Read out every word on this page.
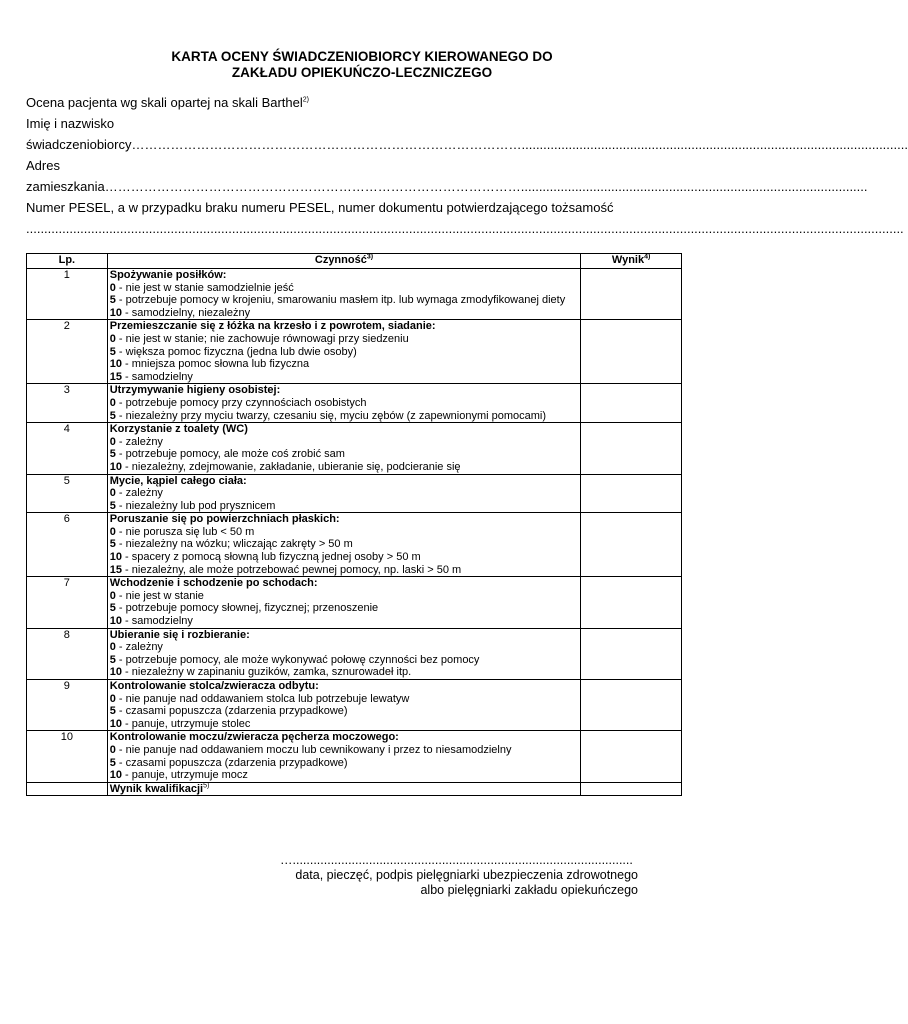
KARTA OCENY ŚWIADCZENIOBIORCY KIEROWANEGO DO
ZAKŁADU OPIEKUŃCZO-LECZNICZEGO
Ocena pacjenta wg skali opartej na skali Barthel$^{2)}$
Imię i nazwisko
świadczeniobiorcy………………………………………………………………………………...........................................................................................................
Adres
zamieszkania……………………………………………………………………………………................................................................................................
Numer PESEL, a w przypadku braku numeru PESEL, numer dokumentu potwierdzającego tożsamość
...................................................................................................................................................................................................................................................
Lp.	Czynność$^{3)}$	Wynik$^{4)}$
1	Spożywanie posiłków:
0 - nie jest w stanie samodzielnie jeść
5 - potrzebuje pomocy w krojeniu, smarowaniu masłem itp. lub wymaga zmodyfikowanej diety
10 - samodzielny, niezależny	

2	Przemieszczanie się z łóżka na krzesło i z powrotem, siadanie:
0 - nie jest w stanie; nie zachowuje równowagi przy siedzeniu
5 - większa pomoc fizyczna (jedna lub dwie osoby)
10 - mniejsza pomoc słowna lub fizyczna
15 - samodzielny	

3	Utrzymywanie higieny osobistej:
0 - potrzebuje pomocy przy czynnościach osobistych
5 - niezależny przy myciu twarzy, czesaniu się, myciu zębów (z zapewnionymi pomocami)	

4	Korzystanie z toalety (WC)
0 - zależny
5 - potrzebuje pomocy, ale może coś zrobić sam
10 - niezależny, zdejmowanie, zakładanie, ubieranie się, podcieranie się	

5	Mycie, kąpiel całego ciała:
0 - zależny
5 - niezależny lub pod prysznicem	

6	Poruszanie się po powierzchniach płaskich:
0 - nie porusza się lub < 50 m
5 - niezależny na wózku; wliczając zakręty > 50 m
10 - spacery z pomocą słowną lub fizyczną jednej osoby > 50 m
15 - niezależny, ale może potrzebować pewnej pomocy, np. laski > 50 m	

7	Wchodzenie i schodzenie po schodach:
0 - nie jest w stanie
5 - potrzebuje pomocy słownej, fizycznej; przenoszenie
10 - samodzielny	

8	Ubieranie się i rozbieranie:
0 - zależny
5 - potrzebuje pomocy, ale może wykonywać połowę czynności bez pomocy
10 - niezależny w zapinaniu guzików, zamka, sznurowadeł itp.	

9	Kontrolowanie stolca/zwieracza odbytu:
0 - nie panuje nad oddawaniem stolca lub potrzebuje lewatyw
5 - czasami popuszcza (zdarzenia przypadkowe)
10 - panuje, utrzymuje stolec	

10	Kontrolowanie moczu/zwieracza pęcherza moczowego:
0 - nie panuje nad oddawaniem moczu lub cewnikowany i przez to niesamodzielny
5 - czasami popuszcza (zdarzenia przypadkowe)
10 - panuje, utrzymuje mocz	

	Wynik kwalifikacji$^{5)}$	
…..................................................................................................
data, pieczęć, podpis pielęgniarki ubezpieczenia zdrowotnego
albo pielęgniarki zakładu opiekuńczego
